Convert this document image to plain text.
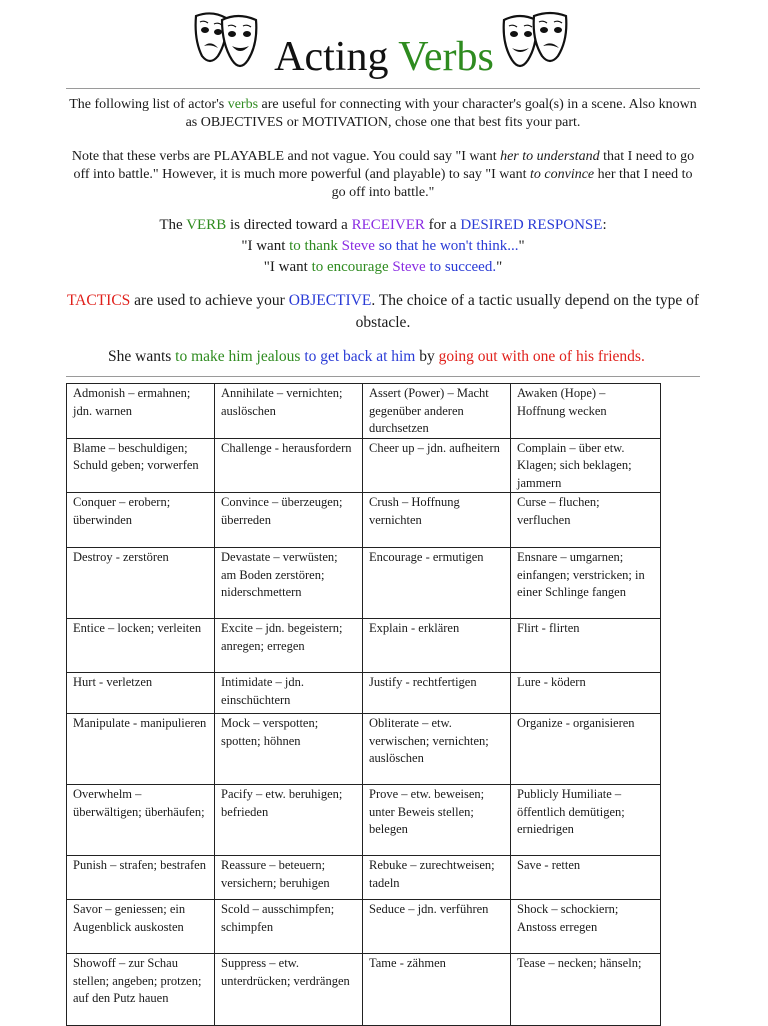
Acting Verbs
The following list of actor's verbs are useful for connecting with your character's goal(s) in a scene. Also known as OBJECTIVES or MOTIVATION, chose one that best fits your part.
Note that these verbs are PLAYABLE and not vague. You could say "I want her to understand that I need to go off into battle." However, it is much more powerful (and playable) to say "I want to convince her that I need to go off into battle."
The VERB is directed toward a RECEIVER for a DESIRED RESPONSE:
"I want to thank Steve so that he won't think..."
"I want to encourage Steve to succeed."
TACTICS are used to achieve your OBJECTIVE. The choice of a tactic usually depend on the type of obstacle.
She wants to make him jealous to get back at him by going out with one of his friends.
Admonish – ermahnen; jdn. warnen	Annihilate – vernichten; auslöschen	Assert (Power) – Macht gegenüber anderen durchsetzen	Awaken (Hope) – Hoffnung wecken
Blame – beschuldigen; Schuld geben; vorwerfen	Challenge - herausfordern	Cheer up – jdn. aufheitern	Complain – über etw. Klagen; sich beklagen; jammern
Conquer – erobern; überwinden	Convince – überzeugen; überreden	Crush – Hoffnung vernichten	Curse – fluchen; verfluchen
Destroy - zerstören	Devastate – verwüsten; am Boden zerstören; niderschmettern	Encourage - ermutigen	Ensnare – umgarnen; einfangen; verstricken; in einer Schlinge fangen
Entice – locken; verleiten	Excite – jdn. begeistern; anregen; erregen	Explain - erklären	Flirt - flirten
Hurt - verletzen	Intimidate – jdn. einschüchtern	Justify - rechtfertigen	Lure - ködern
Manipulate - manipulieren	Mock – verspotten; spotten; höhnen	Obliterate – etw. verwischen; vernichten; auslöschen	Organize - organisieren
Overwhelm – überwältigen; überhäufen;	Pacify – etw. beruhigen; befrieden	Prove – etw. beweisen; unter Beweis stellen; belegen	Publicly Humiliate – öffentlich demütigen; erniedrigen
Punish – strafen; bestrafen	Reassure – beteuern; versichern; beruhigen	Rebuke – zurechtweisen; tadeln	Save - retten
Savor – geniessen; ein Augenblick auskosten	Scold – ausschimpfen; schimpfen	Seduce – jdn. verführen	Shock – schockiern; Anstoss erregen
Showoff – zur Schau stellen; angeben; protzen; auf den Putz hauen	Suppress – etw. unterdrücken; verdrängen	Tame - zähmen	Tease – necken; hänseln;
